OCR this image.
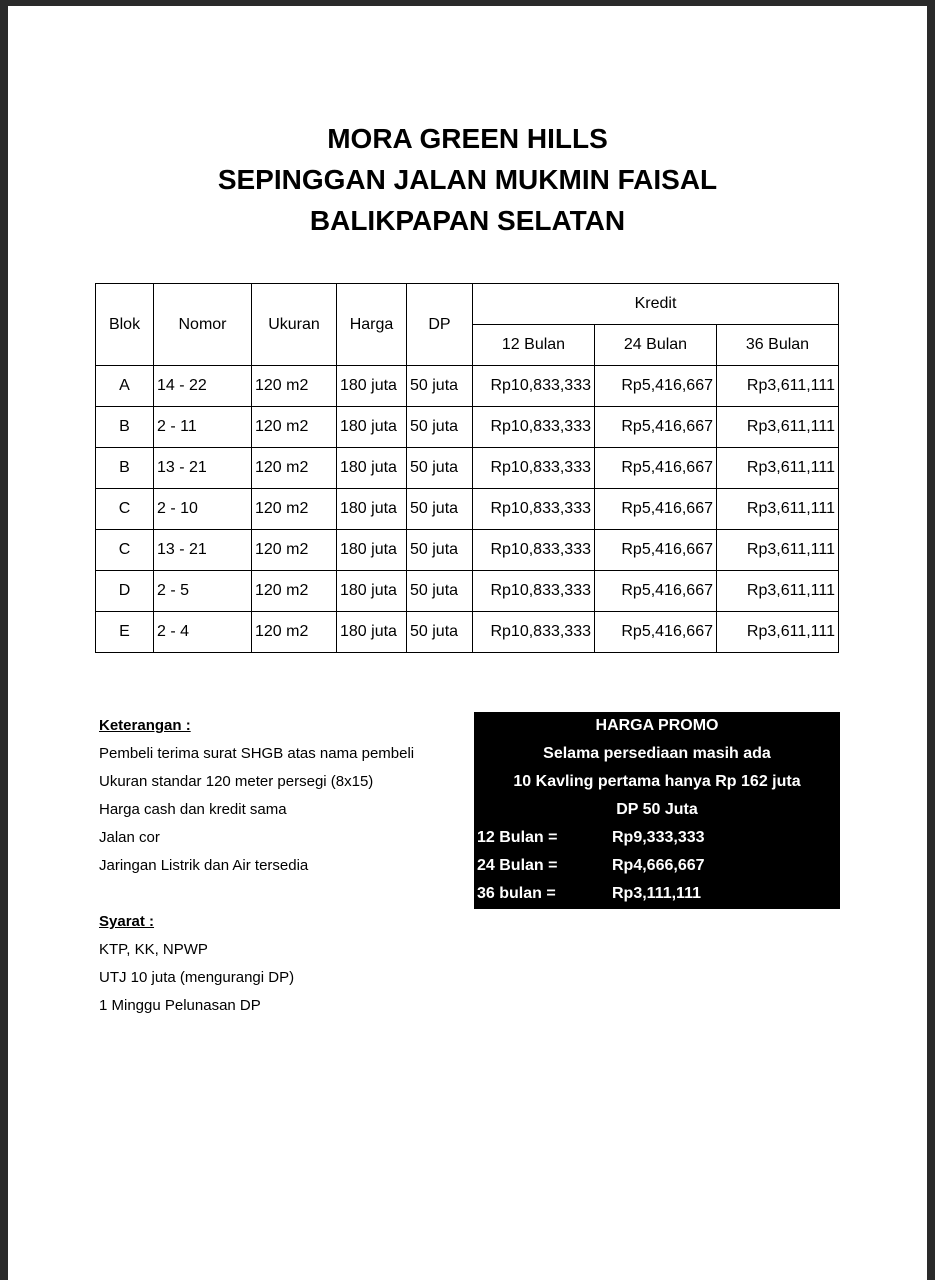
MORA GREEN HILLS
SEPINGGAN JALAN MUKMIN FAISAL
BALIKPAPAN SELATAN
Blok	Nomor	Ukuran	Harga	DP	Kredit		
					12 Bulan	24 Bulan	36 Bulan
A	14 - 22	120 m2	180 juta	50 juta	Rp10,833,333	Rp5,416,667	Rp3,611,111
B	2 - 11	120 m2	180 juta	50 juta	Rp10,833,333	Rp5,416,667	Rp3,611,111
B	13 - 21	120 m2	180 juta	50 juta	Rp10,833,333	Rp5,416,667	Rp3,611,111
C	2 - 10	120 m2	180 juta	50 juta	Rp10,833,333	Rp5,416,667	Rp3,611,111
C	13 - 21	120 m2	180 juta	50 juta	Rp10,833,333	Rp5,416,667	Rp3,611,111
D	2 - 5	120 m2	180 juta	50 juta	Rp10,833,333	Rp5,416,667	Rp3,611,111
E	2 - 4	120 m2	180 juta	50 juta	Rp10,833,333	Rp5,416,667	Rp3,611,111
Keterangan :
Pembeli terima surat SHGB atas nama pembeli
Ukuran standar 120 meter persegi (8x15)
Harga cash dan kredit sama
Jalan cor
Jaringan Listrik dan Air tersedia
Syarat :
KTP, KK, NPWP
UTJ 10 juta (mengurangi DP)
1 Minggu Pelunasan DP
HARGA PROMO
Selama persediaan masih ada
10 Kavling pertama hanya Rp 162 juta
DP 50 Juta
12 Bulan =	Rp9,333,333
24 Bulan =	Rp4,666,667
36 bulan =	Rp3,111,111
